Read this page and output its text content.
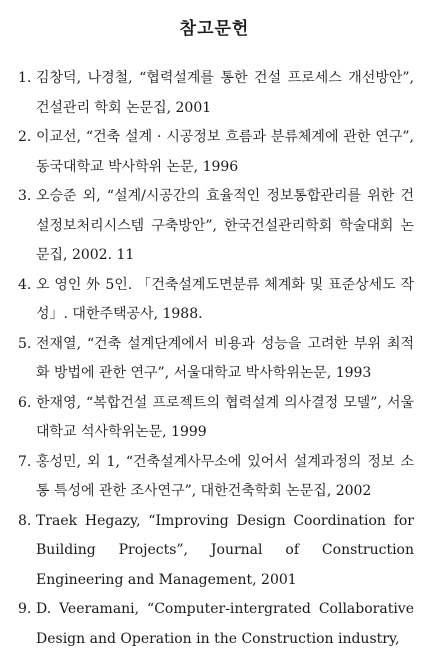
참고문헌
1. 김창덕, 나경철, “협력설계를 통한 건설 프로세스 개선방안”, 건설관리 학회 논문집, 2001
2. 이교선, “건축 설계 · 시공정보 흐름과 분류체계에 관한 연구”, 동국대학교 박사학위 논문, 1996
3. 오승준 외, “설계/시공간의 효율적인 정보통합관리를 위한 건설정보처리시스템 구축방안”, 한국건설관리학회 학술대회 논문집, 2002. 11
4. 오 영인 外 5인. 「건축설계도면분류 체계화 및 표준상세도 작성」. 대한주택공사, 1988.
5. 전재열, “건축 설계단계에서 비용과 성능을 고려한 부위 최적화 방법에 관한 연구”, 서울대학교 박사학위논문, 1993
6. 한재영, “복합건설 프로젝트의 협력설계 의사결정 모델”, 서울대학교 석사학위논문, 1999
7. 홍성민, 외 1, “건축설계사무소에 있어서 설계과정의 정보 소통 특성에 관한 조사연구”, 대한건축학회 논문집, 2002
8. Traek Hegazy, “Improving Design Coordination for Building Projects”, Journal of Construction Engineering and Management, 2001
9. D. Veeramani, “Computer-intergrated Collaborative Design and Operation in the Construction industry,
